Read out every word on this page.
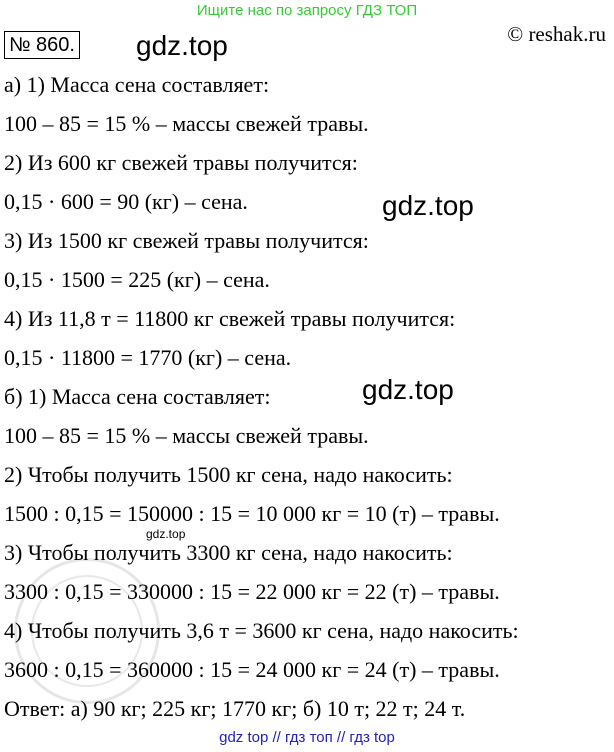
Ищите нас по запросу ГДЗ ТОП
№ 860. gdz.top	© reshak.ru
gdz.top
gdz.top
gdz.top
а) 1) Масса сена составляет:
100 – 85 = 15 % – массы свежей травы.
2) Из 600 кг свежей травы получится:
0,15 · 600 = 90 (кг) – сена.
3) Из 1500 кг свежей травы получится:
0,15 · 1500 = 225 (кг) – сена.
4) Из 11,8 т = 11800 кг свежей травы получится:
0,15 · 11800 = 1770 (кг) – сена.
б) 1) Масса сена составляет:
100 – 85 = 15 % – массы свежей травы.
2) Чтобы получить 1500 кг сена, надо накосить:
1500 : 0,15 = 150000 : 15 = 10 000 кг = 10 (т) – травы.
3) Чтобы получить 3300 кг сена, надо накосить:
3300 : 0,15 = 330000 : 15 = 22 000 кг = 22 (т) – травы.
4) Чтобы получить 3,6 т = 3600 кг сена, надо накосить:
3600 : 0,15 = 360000 : 15 = 24 000 кг = 24 (т) – травы.
Ответ: а) 90 кг; 225 кг; 1770 кг; б) 10 т; 22 т; 24 т.
gdz top // гдз топ // гдз top
